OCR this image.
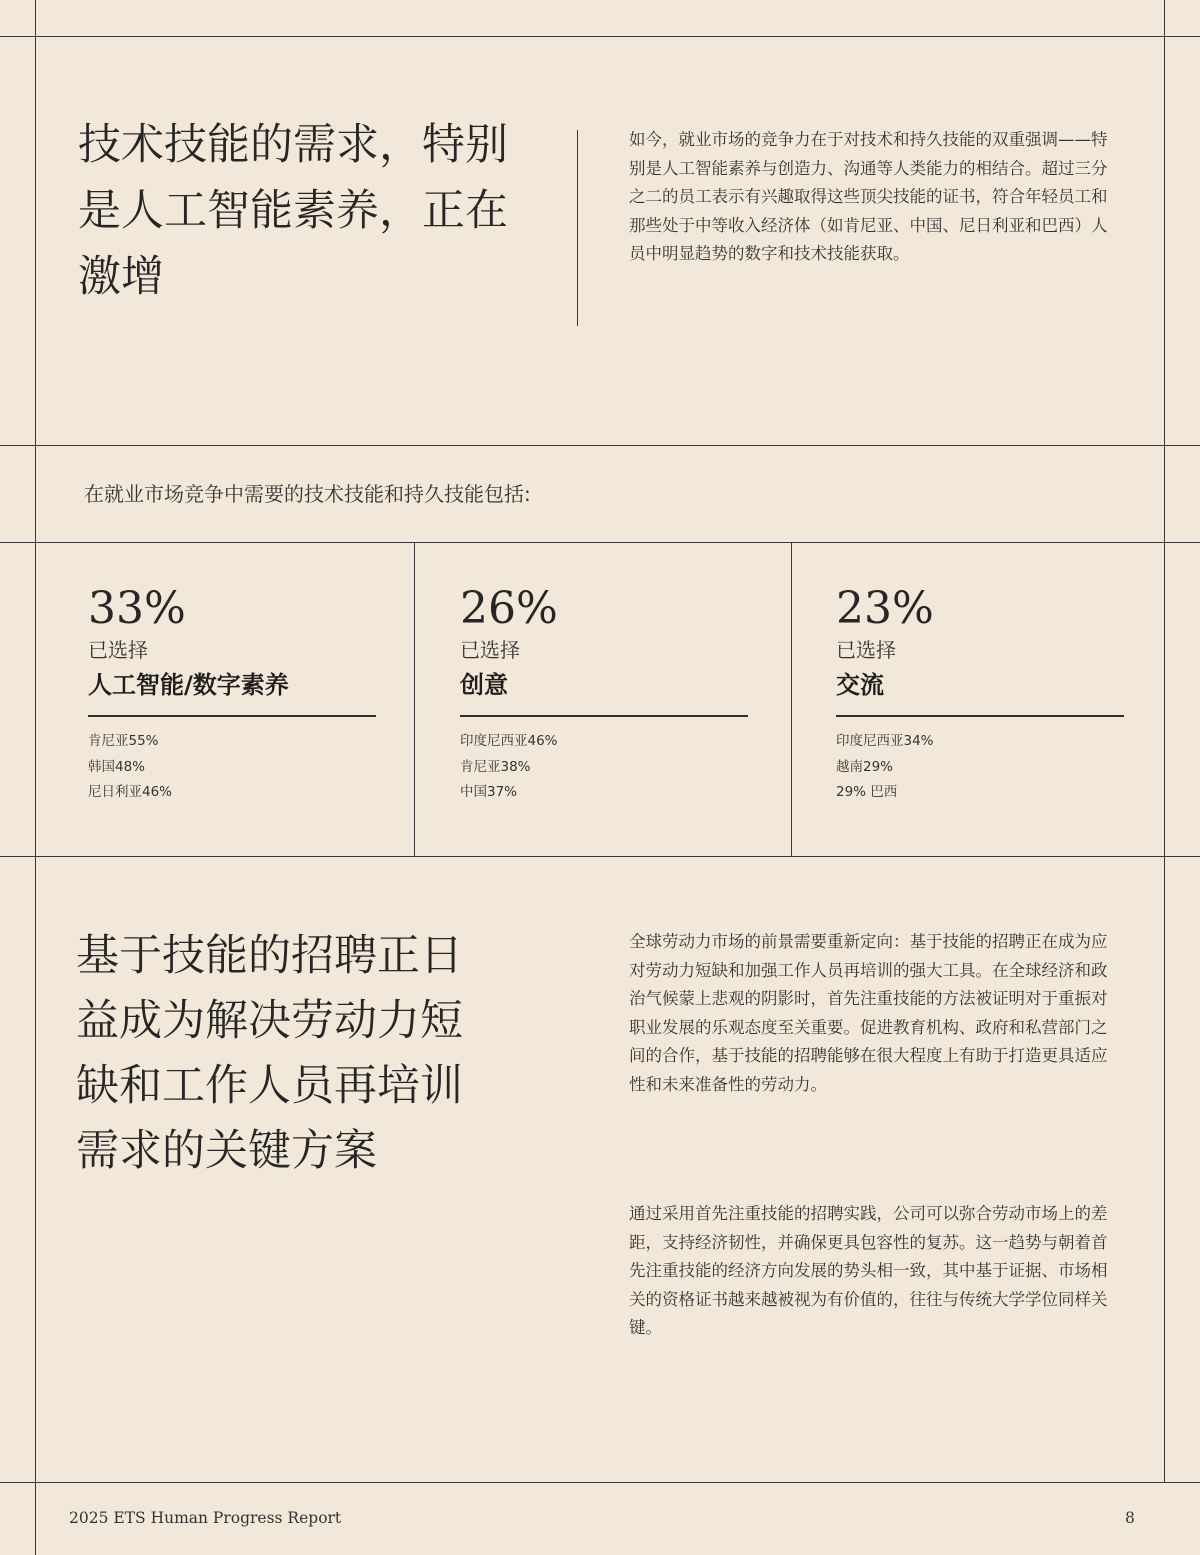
技术技能的需求，特别是人工智能素养，正在激增

如今，就业市场的竞争力在于对技术和持久技能的双重强调——特别是人工智能素养与创造力、沟通等人类能力的相结合。超过三分之二的员工表示有兴趣取得这些顶尖技能的证书，符合年轻员工和那些处于中等收入经济体（如肯尼亚、中国、尼日利亚和巴西）人员中明显趋势的数字和技术技能获取。

在就业市场竞争中需要的技术技能和持久技能包括:
33%
已选择
人工智能/数字素养
肯尼亚55%
韩国48%
尼日利亚46%
26%
已选择
创意
印度尼西亚46%
肯尼亚38%
中国37%
23%
已选择
交流
印度尼西亚34%
越南29%
29% 巴西
基于技能的招聘正日益成为解决劳动力短缺和工作人员再培训需求的关键方案

全球劳动力市场的前景需要重新定向：基于技能的招聘正在成为应对劳动力短缺和加强工作人员再培训的强大工具。在全球经济和政治气候蒙上悲观的阴影时，首先注重技能的方法被证明对于重振对职业发展的乐观态度至关重要。促进教育机构、政府和私营部门之间的合作，基于技能的招聘能够在很大程度上有助于打造更具适应性和未来准备性的劳动力。

通过采用首先注重技能的招聘实践，公司可以弥合劳动市场上的差距，支持经济韧性，并确保更具包容性的复苏。这一趋势与朝着首先注重技能的经济方向发展的势头相一致，其中基于证据、市场相关的资格证书越来越被视为有价值的，往往与传统大学学位同样关键。

2025 ETS Human Progress Report	8
